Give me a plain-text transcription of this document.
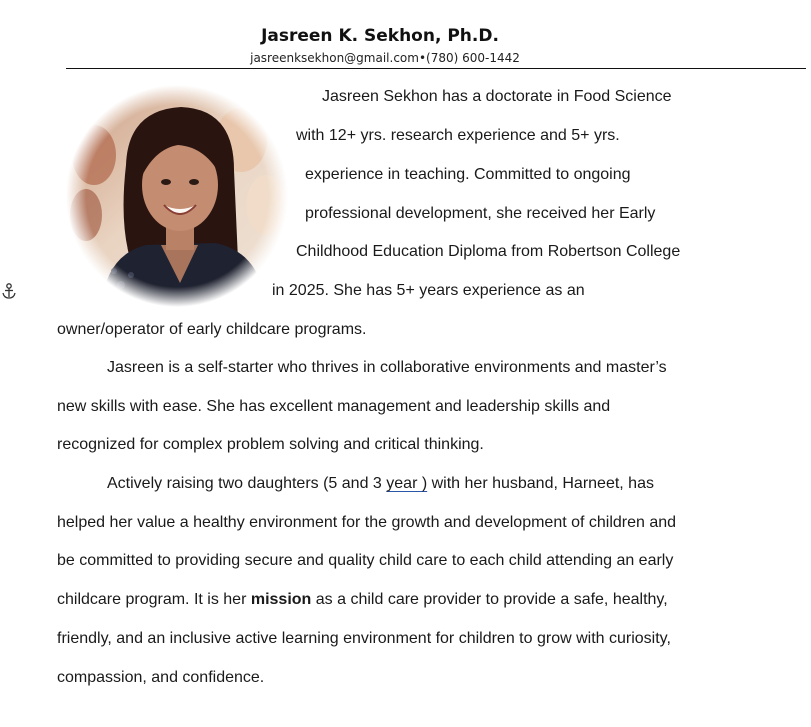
Jasreen K. Sekhon, Ph.D.
jasreenksekhon@gmail.com•(780) 600-1442
Jasreen Sekhon has a doctorate in Food Science
with 12+ yrs. research experience and 5+ yrs.
experience in teaching. Committed to ongoing
professional development, she received her Early
Childhood Education Diploma from Robertson College
in 2025. She has 5+ years experience as an
owner/operator of early childcare programs.
Jasreen is a self-starter who thrives in collaborative environments and master’s
new skills with ease. She has excellent management and leadership skills and
recognized for complex problem solving and critical thinking.
Actively raising two daughters (5 and 3 year ) with her husband, Harneet, has
helped her value a healthy environment for the growth and development of children and
be committed to providing secure and quality child care to each child attending an early
childcare program. It is her mission as a child care provider to provide a safe, healthy,
friendly, and an inclusive active learning environment for children to grow with curiosity,
compassion, and confidence.
